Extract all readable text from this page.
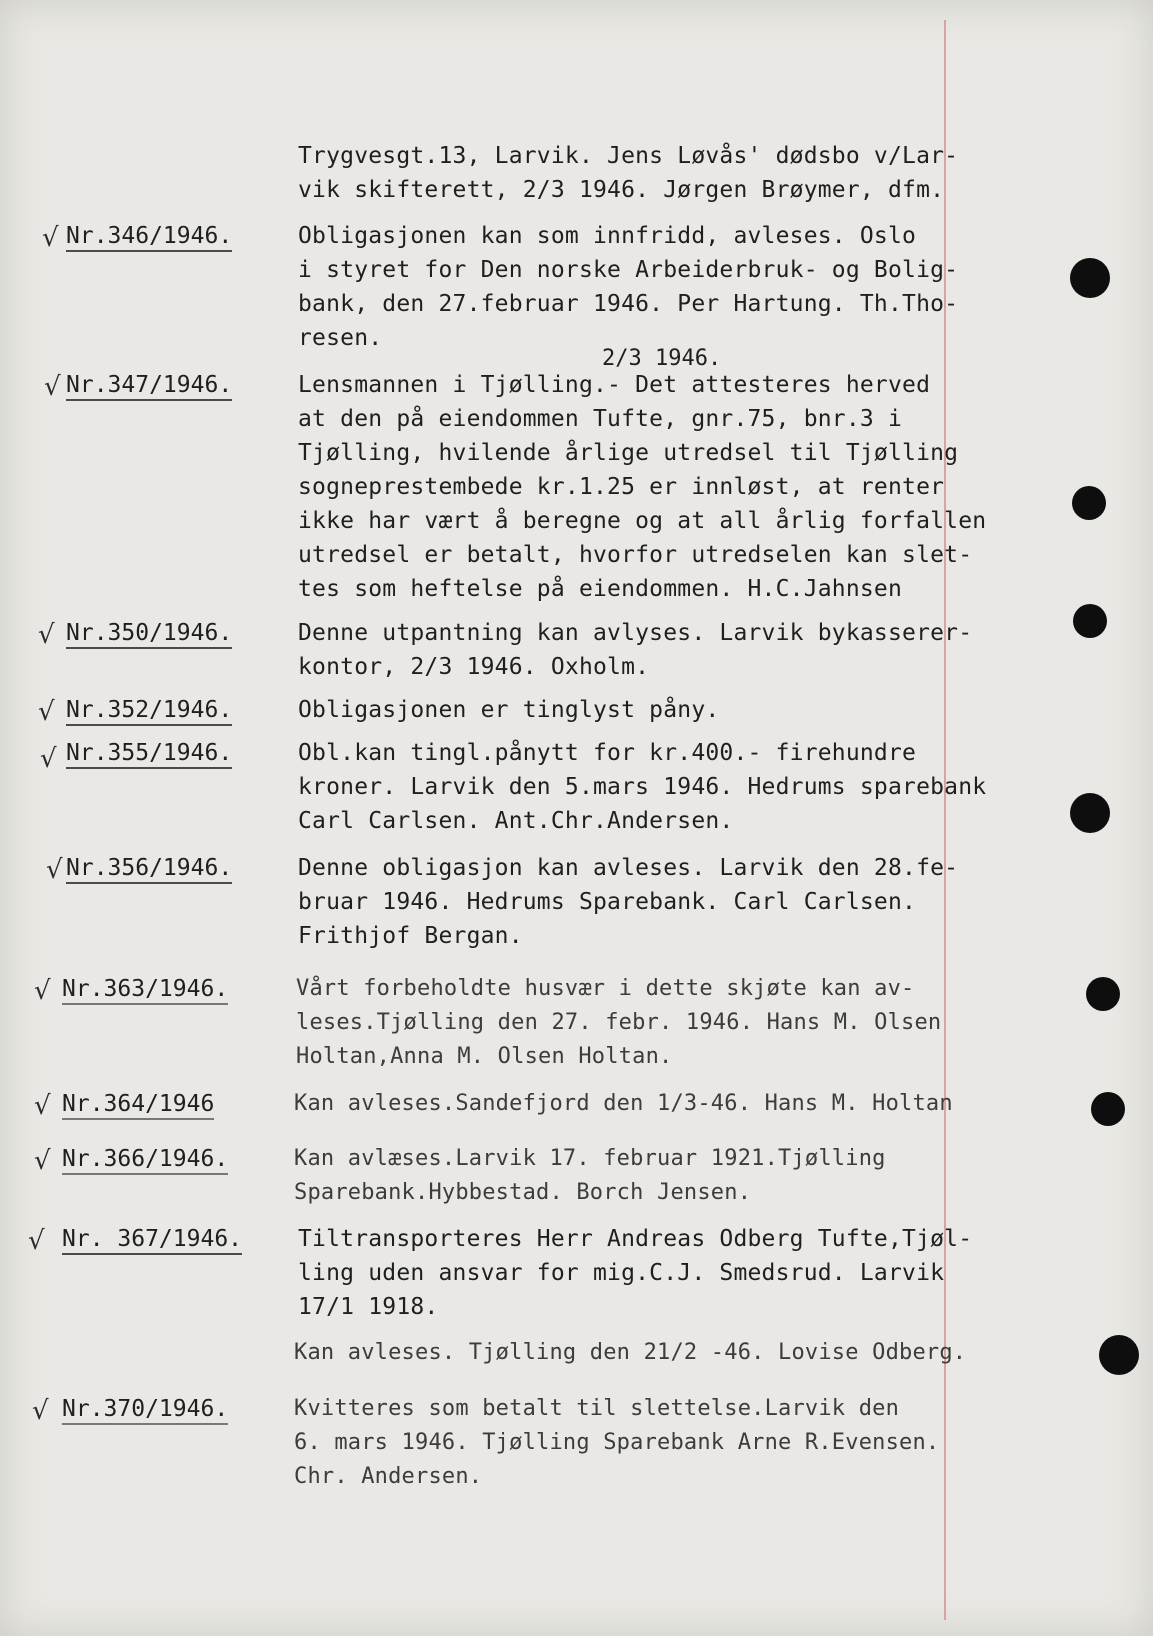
Trygvesgt.13, Larvik. Jens Løvås' dødsbo v/Lar-
vik skifterett, 2/3 1946. Jørgen Brøymer, dfm.
√ Nr.346/1946.	Obligasjonen kan som innfridd, avleses. Oslo
i styret for Den norske Arbeiderbruk- og Bolig-
bank, den 27.februar 1946. Per Hartung. Th.Tho-
resen.
2/3 1946.
√ Nr.347/1946.	Lensmannen i Tjølling.- Det attesteres herved
at den på eiendommen Tufte, gnr.75, bnr.3 i
Tjølling, hvilende årlige utredsel til Tjølling
sogneprestembede kr.1.25 er innløst, at renter
ikke har vært å beregne og at all årlig forfallen
utredsel er betalt, hvorfor utredselen kan slet-
tes som heftelse på eiendommen. H.C.Jahnsen
√ Nr.350/1946.	Denne utpantning kan avlyses. Larvik bykasserer-
kontor, 2/3 1946. Oxholm.
√ Nr.352/1946.	Obligasjonen er tinglyst påny.
√ Nr.355/1946.	Obl.kan tingl.pånytt for kr.400.- firehundre
kroner. Larvik den 5.mars 1946. Hedrums sparebank
Carl Carlsen. Ant.Chr.Andersen.
√ Nr.356/1946.	Denne obligasjon kan avleses. Larvik den 28.fe-
bruar 1946. Hedrums Sparebank. Carl Carlsen.
Frithjof Bergan.
√ Nr.363/1946.	Vårt forbeholdte husvær i dette skjøte kan av-
leses.Tjølling den 27. febr. 1946. Hans M. Olsen
Holtan,Anna M. Olsen Holtan.
√ Nr.364/1946	Kan avleses.Sandefjord den 1/3-46. Hans M. Holtan
√ Nr.366/1946.	Kan avlæses.Larvik 17. februar 1921.Tjølling
Sparebank.Hybbestad. Borch Jensen.
√ Nr. 367/1946. Tiltransporteres Herr Andreas Odberg Tufte,Tjøl-
ling uden ansvar for mig.C.J. Smedsrud. Larvik
17/1 1918.
Kan avleses. Tjølling den 21/2 -46. Lovise Odberg.
√ Nr.370/1946.	Kvitteres som betalt til slettelse.Larvik den
6. mars 1946. Tjølling Sparebank Arne R.Evensen.
Chr. Andersen.
